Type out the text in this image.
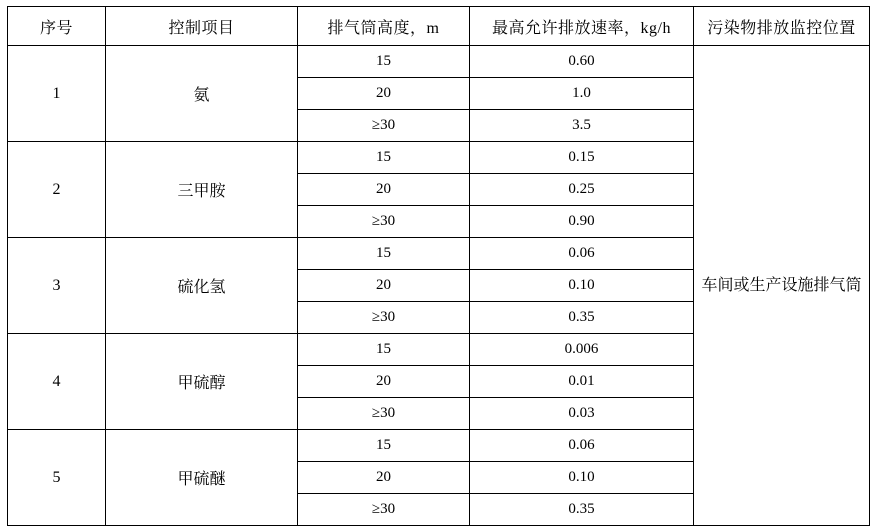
序号	控制项目	排气筒高度，m	最高允许排放速率，kg/h	污染物排放监控位置
1	氨	15	0.60	车间或生产设施排气筒
		20	1.0	
		≥30	3.5	
2	三甲胺	15	0.15	
		20	0.25	
		≥30	0.90	
3	硫化氢	15	0.06	
		20	0.10	
		≥30	0.35	
4	甲硫醇	15	0.006	
		20	0.01	
		≥30	0.03	
5	甲硫醚	15	0.06	
		20	0.10	
		≥30	0.35	
